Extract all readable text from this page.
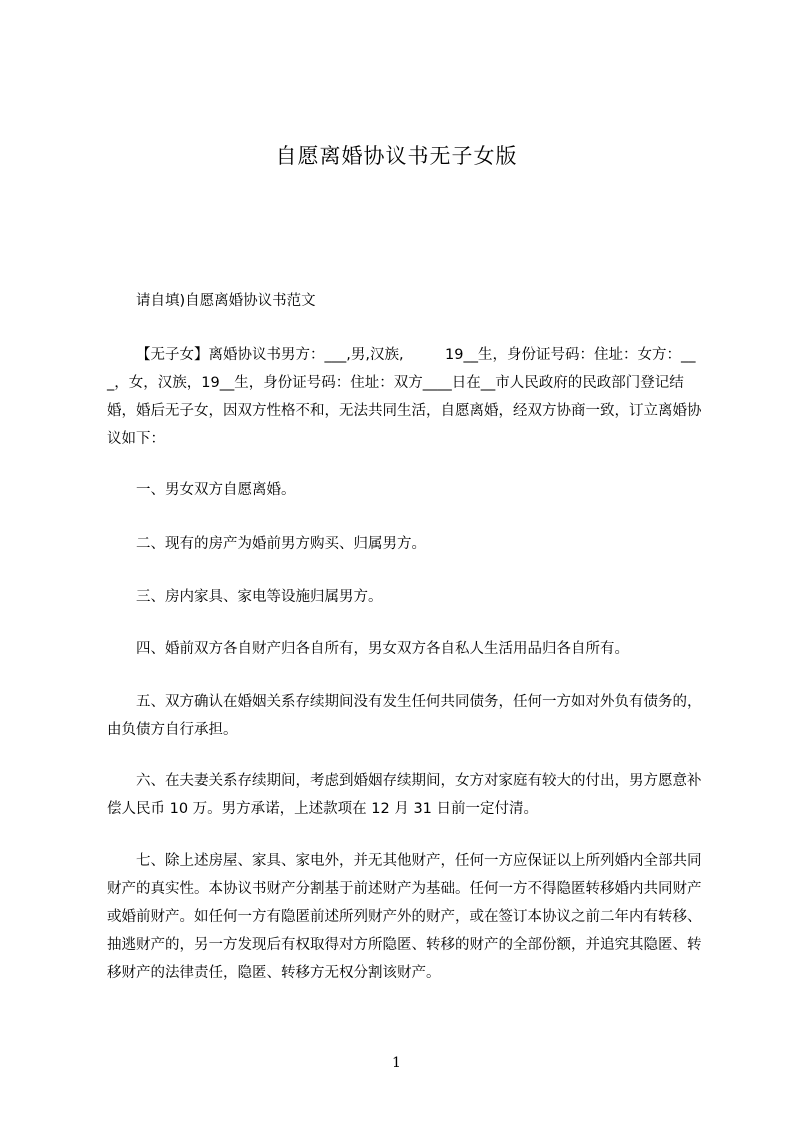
自愿离婚协议书无子女版
请自填)自愿离婚协议书范文
【无子女】离婚协议书男方：___,男,汉族,         19__生，身份证号码：住址：女方：___，女，汉族，19__生，身份证号码：住址：双方____日在__市人民政府的民政部门登记结婚，婚后无子女，因双方性格不和，无法共同生活，自愿离婚，经双方协商一致，订立离婚协议如下：
一、男女双方自愿离婚。
二、现有的房产为婚前男方购买、归属男方。
三、房内家具、家电等设施归属男方。
四、婚前双方各自财产归各自所有，男女双方各自私人生活用品归各自所有。
五、双方确认在婚姻关系存续期间没有发生任何共同债务，任何一方如对外负有债务的，由负债方自行承担。
六、在夫妻关系存续期间，考虑到婚姻存续期间，女方对家庭有较大的付出，男方愿意补偿人民币 10 万。男方承诺，上述款项在 12 月 31 日前一定付清。
七、除上述房屋、家具、家电外，并无其他财产，任何一方应保证以上所列婚内全部共同财产的真实性。本协议书财产分割基于前述财产为基础。任何一方不得隐匿转移婚内共同财产或婚前财产。如任何一方有隐匿前述所列财产外的财产，或在签订本协议之前二年内有转移、抽逃财产的，另一方发现后有权取得对方所隐匿、转移的财产的全部份额，并追究其隐匿、转移财产的法律责任，隐匿、转移方无权分割该财产。
1
